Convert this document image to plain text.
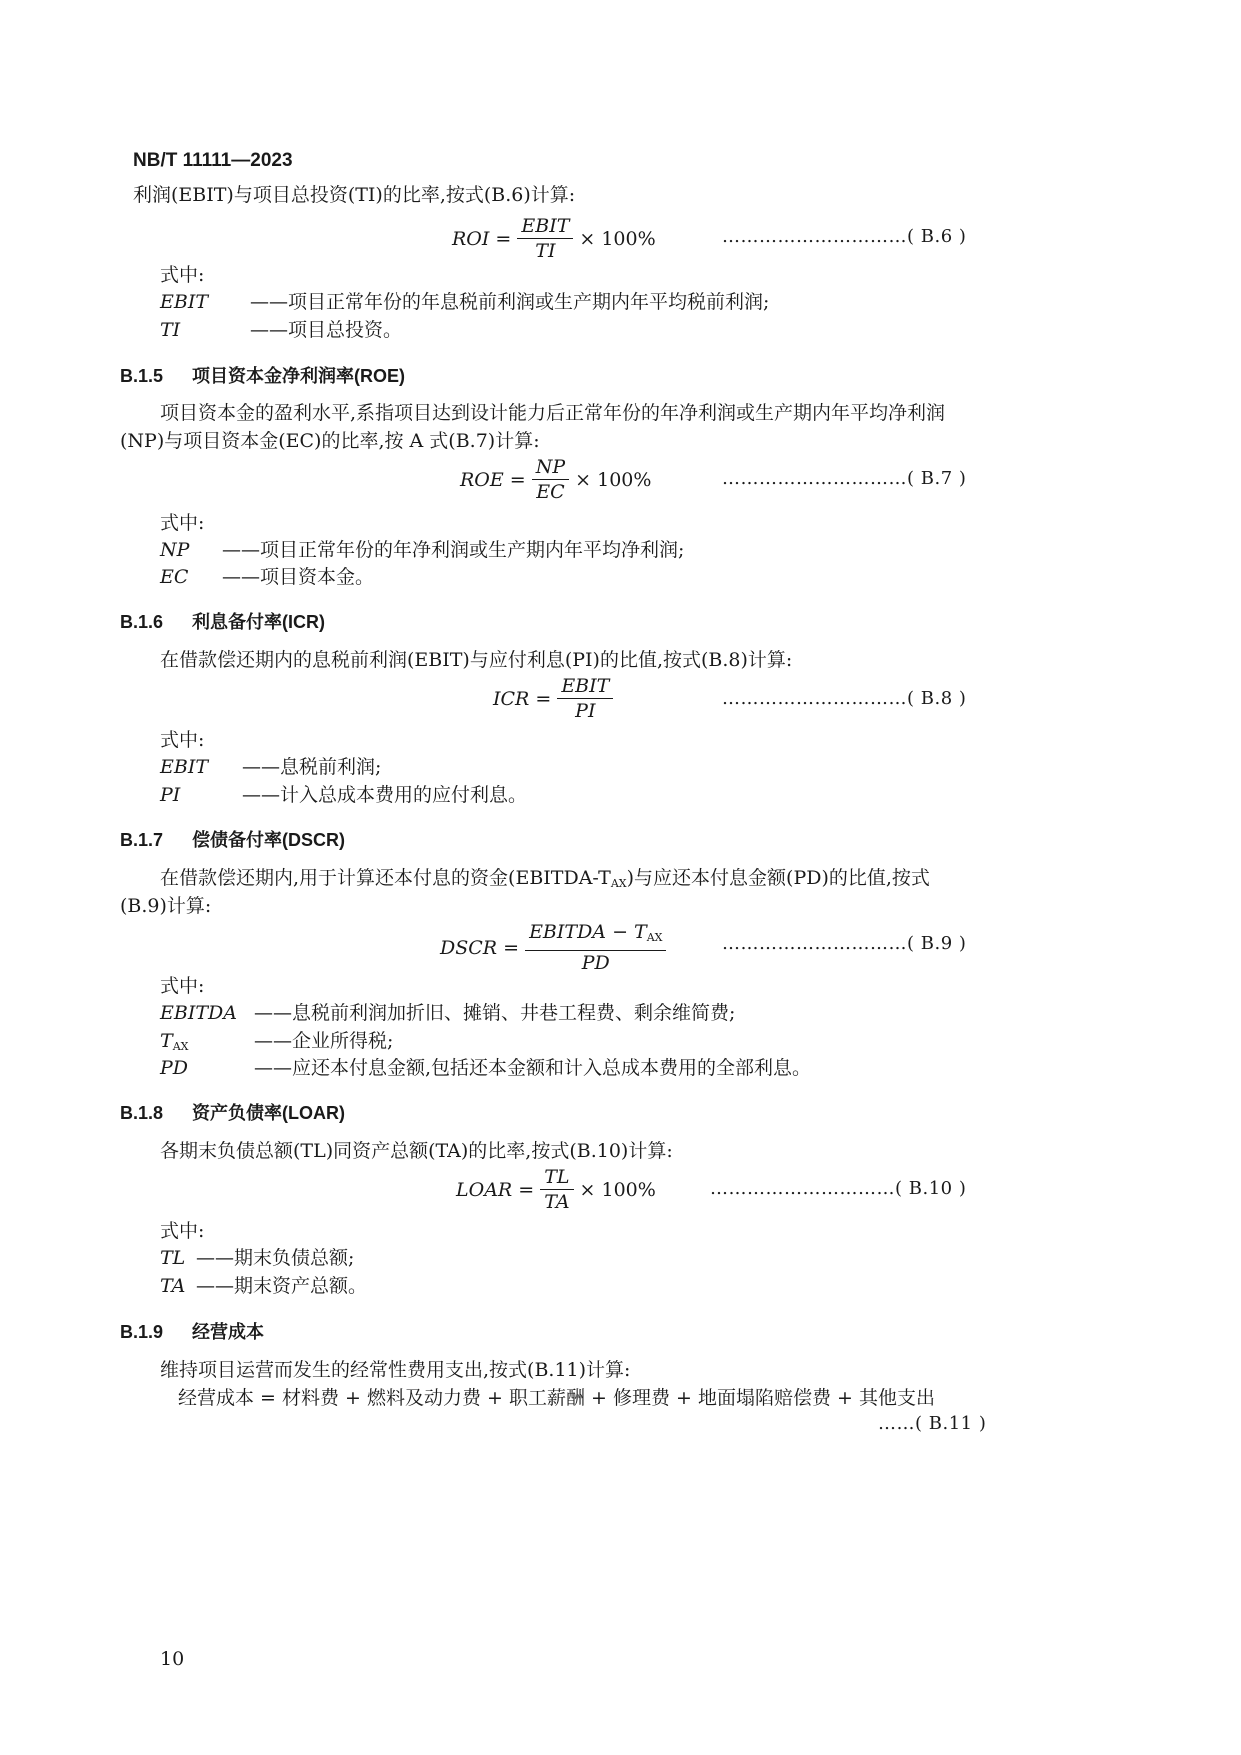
NB/T 11111—2023
利润(EBIT)与项目总投资(TI)的比率,按式(B.6)计算:
ROI = $\frac{\text{EBIT}}{TI} \times 100\%$	…………………………( B.6 )
式中:
EBIT ——项目正常年份的年息税前利润或生产期内年平均税前利润;
TI	——项目总投资。
B.1.5 项目资本金净利润率(ROE)
项目资本金的盈利水平,系指项目达到设计能力后正常年份的年净利润或生产期内年平均净利润
(NP)与项目资本金(EC)的比率,按 A 式(B.7)计算:
ROE = $\frac{NP}{EC} \times 100\%$	…………………………( B.7 )
式中:
NP ——项目正常年份的年净利润或生产期内年平均净利润;
EC ——项目资本金。
B.1.6 利息备付率(ICR)
在借款偿还期内的息税前利润(EBIT)与应付利息(PI)的比值,按式(B.8)计算:
ICR = $\frac{\text{EBIT}}{PI}$	…………………………( B.8 )
式中:
EBIT ——息税前利润;
PI	——计入总成本费用的应付利息。
B.1.7 偿债备付率(DSCR)
在借款偿还期内,用于计算还本付息的资金$(EBITDA-T_{AX})$与应还本付息金额(PD)的比值,按式
(B.9)计算:
DSCR = $\frac{EBITDA - T_{AX}}{PD}$	…………………………( B.9 )
式中:
EBITDA ——息税前利润加折旧、摊销、井巷工程费、剩余维简费;
$T_{AX}$	——企业所得税;
PD	——应还本付息金额,包括还本金额和计入总成本费用的全部利息。
B.1.8 资产负债率(LOAR)
各期末负债总额(TL)同资产总额(TA)的比率,按式(B.10)计算:
LOAR = $\frac{TL}{TA} \times 100\%$	…………………………( B.10 )
式中:
TL ——期末负债总额;
TA ——期末资产总额。
B.1.9 经营成本
维持项目运营而发生的经常性费用支出,按式(B.11)计算:
经营成本 = 材料费 + 燃料及动力费 + 职工薪酬 + 修理费 + 地面塌陷赔偿费 + 其他支出
……( B.11 )
10
